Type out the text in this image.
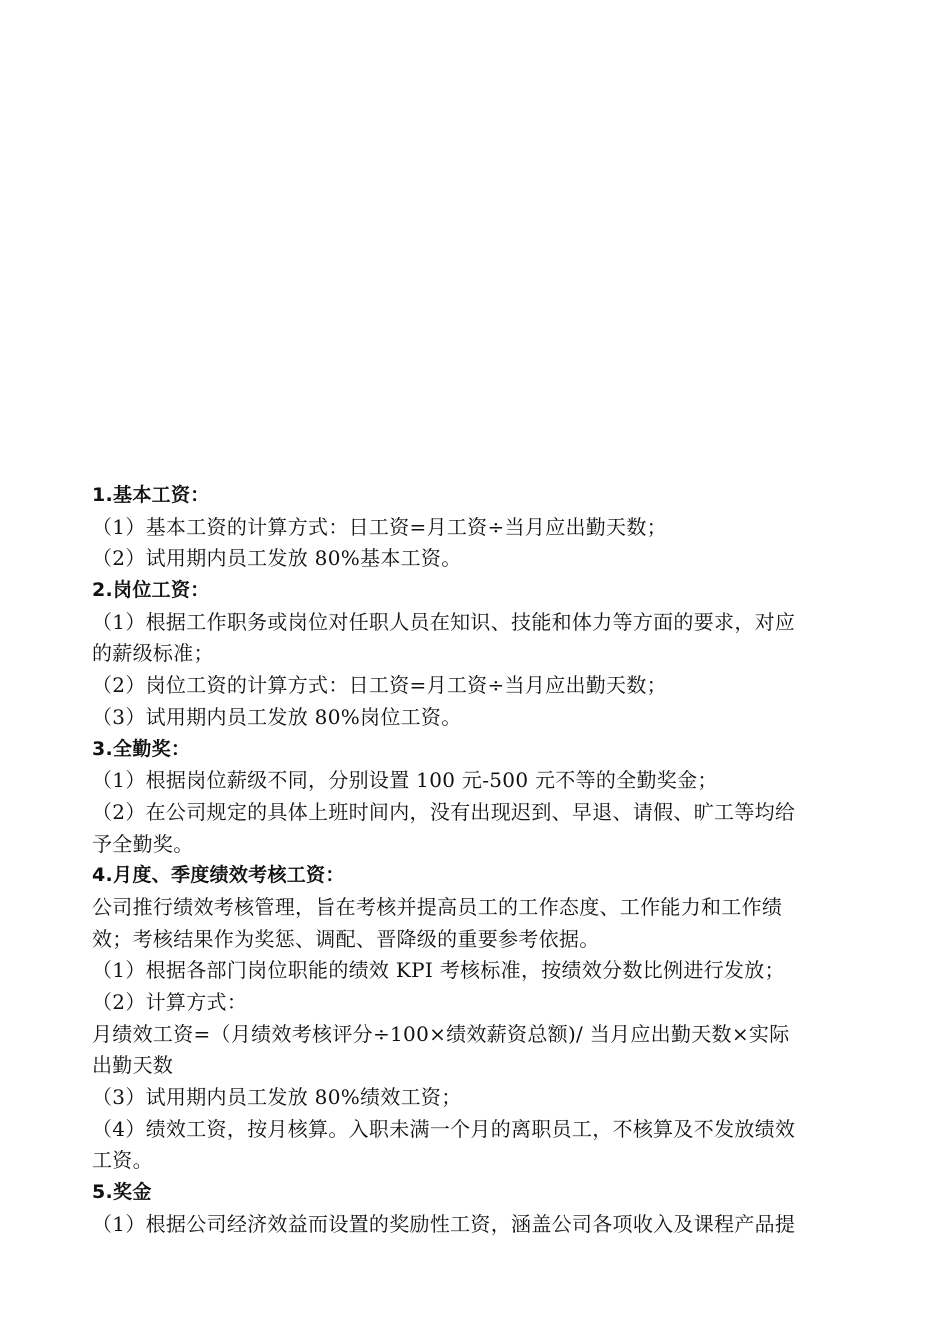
1.基本工资：

（1）基本工资的计算方式：日工资=月工资÷当月应出勤天数；

（2）试用期内员工发放 80%基本工资。

2.岗位工资：

（1）根据工作职务或岗位对任职人员在知识、技能和体力等方面的要求，对应

的薪级标准；

（2）岗位工资的计算方式：日工资=月工资÷当月应出勤天数；

（3）试用期内员工发放 80%岗位工资。

3.全勤奖：

（1）根据岗位薪级不同，分别设置 100 元-500 元不等的全勤奖金；

（2）在公司规定的具体上班时间内，没有出现迟到、早退、请假、旷工等均给

予全勤奖。

4.月度、季度绩效考核工资：

公司推行绩效考核管理，旨在考核并提高员工的工作态度、工作能力和工作绩

效；考核结果作为奖惩、调配、晋降级的重要参考依据。

（1）根据各部门岗位职能的绩效 KPI 考核标准，按绩效分数比例进行发放；

（2）计算方式：

月绩效工资=（月绩效考核评分÷100×绩效薪资总额)/ 当月应出勤天数×实际

出勤天数

（3）试用期内员工发放 80%绩效工资；

（4）绩效工资，按月核算。入职未满一个月的离职员工，不核算及不发放绩效

工资。

5.奖金

（1）根据公司经济效益而设置的奖励性工资，涵盖公司各项收入及课程产品提
